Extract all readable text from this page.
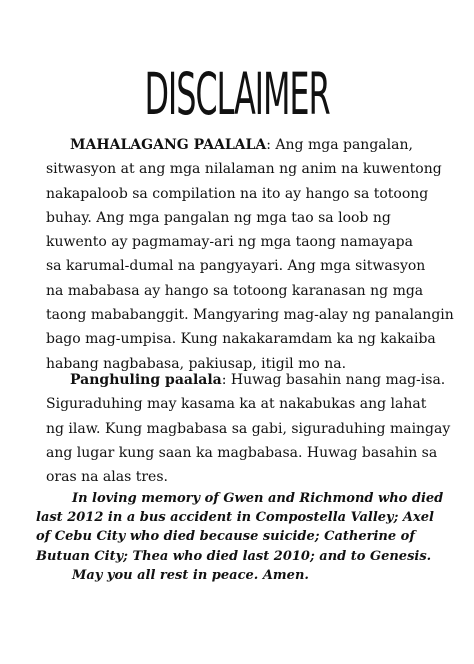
DISCLAIMER
MAHALAGANG PAALALA: Ang mga pangalan,
sitwasyon at ang mga nilalaman ng anim na kuwentong
nakapaloob sa compilation na ito ay hango sa totoong
buhay. Ang mga pangalan ng mga tao sa loob ng
kuwento ay pagmamay-ari ng mga taong namayapa
sa karumal-dumal na pangyayari. Ang mga sitwasyon
na mababasa ay hango sa totoong karanasan ng mga
taong mababanggit. Mangyaring mag-alay ng panalangin
bago mag-umpisa. Kung nakakaramdam ka ng kakaiba
habang nagbabasa, pakiusap, itigil mo na.
Panghuling paalala: Huwag basahin nang mag-isa.
Siguraduhing may kasama ka at nakabukas ang lahat
ng ilaw. Kung magbabasa sa gabi, siguraduhing maingay
ang lugar kung saan ka magbabasa. Huwag basahin sa
oras na alas tres.
In loving memory of Gwen and Richmond who died
last 2012 in a bus accident in Compostella Valley; Axel
of Cebu City who died because suicide; Catherine of
Butuan City; Thea who died last 2010; and to Genesis.
May you all rest in peace. Amen.
